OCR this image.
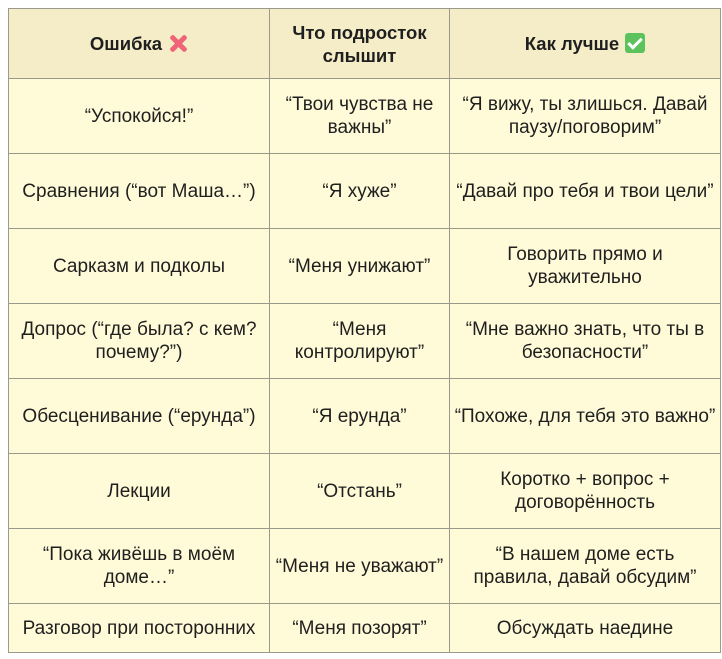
Ошибка	Что подросток слышит	Как лучше
“Успокойся!”	“Твои чувства не важны”	“Я вижу, ты злишься. Давай паузу/поговорим”
Сравнения (“вот Маша…”)	“Я хуже”	“Давай про тебя и твои цели”
Сарказм и подколы	“Меня унижают”	Говорить прямо и уважительно
Допрос (“где была? с кем? почему?”)	“Меня контролируют”	“Мне важно знать, что ты в безопасности”
Обесценивание (“ерунда”)	“Я ерунда”	“Похоже, для тебя это важно”
Лекции	“Отстань”	Коротко + вопрос + договорённость
“Пока живёшь в моём доме…”	“Меня не уважают”	“В нашем доме есть правила, давай обсудим”
Разговор при посторонних	“Меня позорят”	Обсуждать наедине
